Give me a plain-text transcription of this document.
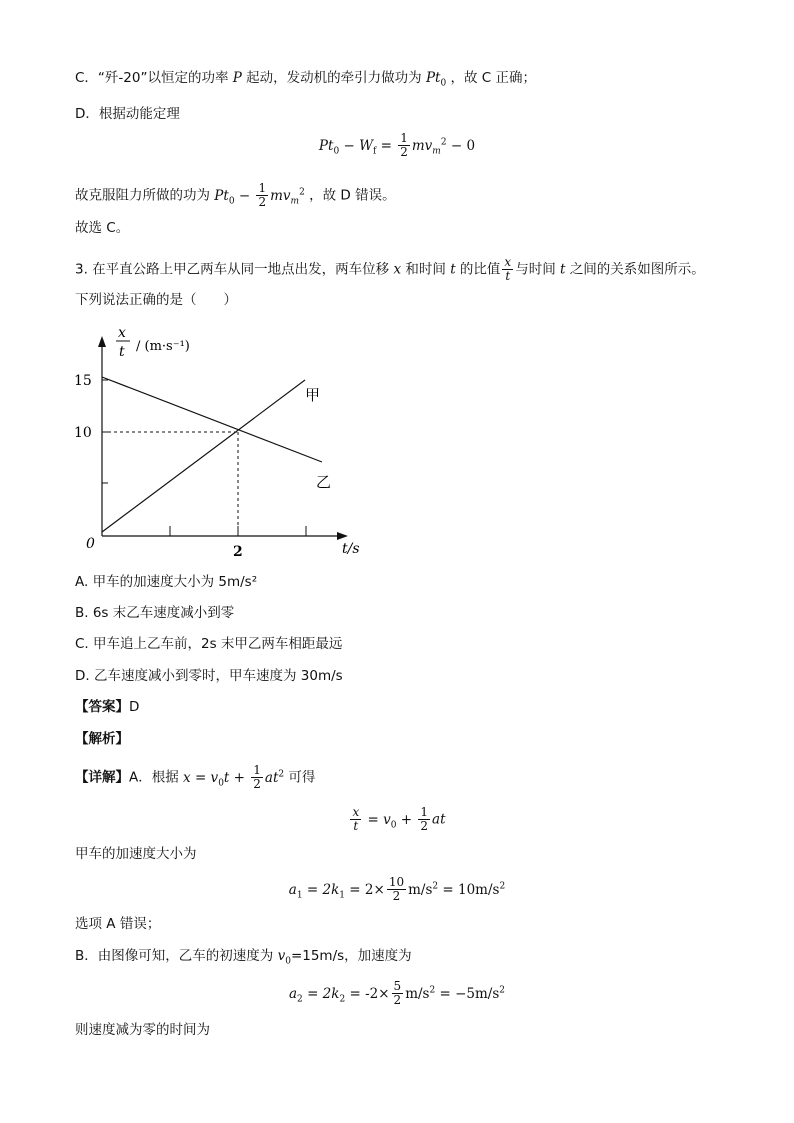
C．“歼-20”以恒定的功率 P 起动，发动机的牵引力做功为 $Pt_0$ ，故 C 正确；
D．根据动能定理
$Pt_0 - W_f = \frac{1}{2} mv_m^2 - 0$
故克服阻力所做的功为 $Pt_0 - \frac{1}{2} mv_m^2$ ，故 D 错误。
故选 C。
3. 在平直公路上甲乙两车从同一地点出发，两车位移 x 和时间 t 的比值 $\frac{x}{t}$ 与时间 t 之间的关系如图所示。
下列说法正确的是（　　）
x
t / (m·s⁻¹)
15
10
0	2	t/s
甲
乙
A. 甲车的加速度大小为 5m/s²
B. 6s 末乙车速度减小到零
C. 甲车追上乙车前，2s 末甲乙两车相距最远
D. 乙车速度减小到零时，甲车速度为 30m/s
【答案】D
【解析】
【详解】A．根据 $x = v_0t + \frac{1}{2} at^2$ 可得
$\frac{x}{t} = v_0 + \frac{1}{2}$ at
甲车的加速度大小为
$a_1 = 2k_1 = 2\times \frac{10}{2} m/s^2 = 10m/s^2$
选项 A 错误；
B．由图像可知，乙车的初速度为 $v_0=15m/s$，加速度为
$a_2 = 2k_2 = -2\times \frac{5}{2} m/s^2 = -5m/s^2$
则速度减为零的时间为
